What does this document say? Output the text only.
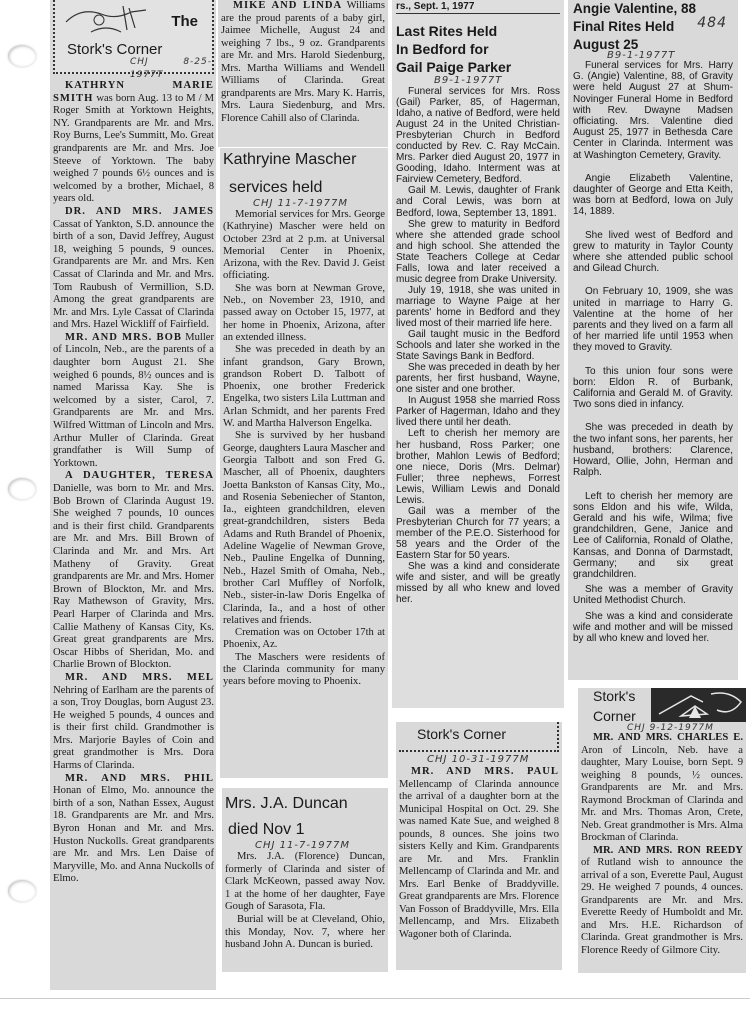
The
Stork's Corner
CHJ 8-25-1977T

KATHRYN MARIE SMITH was born Aug. 13 to M / M Roger Smith at Yorktown Heights, NY. Grandparents are Mr. and Mrs. Roy Burns, Lee's Summitt, Mo. Great grandparents are Mr. and Mrs. Joe Steeve of Yorktown. The baby weighed 7 pounds 6½ ounces and is welcomed by a brother, Michael, 8 years old.

DR. AND MRS. JAMES Cassat of Yankton, S.D. announce the birth of a son, David Jeffrey, August 18, weighing 5 pounds, 9 ounces. Grandparents are Mr. and Mrs. Ken Cassat of Clarinda and Mr. and Mrs. Tom Raubush of Vermillion, S.D. Among the great grandparents are Mr. and Mrs. Lyle Cassat of Clarinda and Mrs. Hazel Wickliff of Fairfield.

MR. AND MRS. BOB Muller of Lincoln, Neb., are the parents of a daughter born August 21. She weighed 6 pounds, 8½ ounces and is named Marissa Kay. She is welcomed by a sister, Carol, 7. Grandparents are Mr. and Mrs. Wilfred Wittman of Lincoln and Mrs. Arthur Muller of Clarinda. Great grandfather is Will Sump of Yorktown.

A DAUGHTER, TERESA Danielle, was born to Mr. and Mrs. Bob Brown of Clarinda August 19. She weighed 7 pounds, 10 ounces and is their first child. Grandparents are Mr. and Mrs. Bill Brown of Clarinda and Mr. and Mrs. Art Matheny of Gravity. Great grandparents are Mr. and Mrs. Homer Brown of Blockton, Mr. and Mrs. Ray Mathewson of Gravity, Mrs. Pearl Harper of Clarinda and Mrs. Callie Matheny of Kansas City, Ks. Great great grandparents are Mrs. Oscar Hibbs of Sheridan, Mo. and Charlie Brown of Blockton.

MR. AND MRS. MEL Nehring of Earlham are the parents of a son, Troy Douglas, born August 23. He weighed 5 pounds, 4 ounces and is their first child. Grandmother is Mrs. Marjorie Bayles of Coin and great grandmother is Mrs. Dora Harms of Clarinda.

MR. AND MRS. PHIL Honan of Elmo, Mo. announce the birth of a son, Nathan Essex, August 18. Grandparents are Mr. and Mrs. Byron Honan and Mr. and Mrs. Huston Nuckolls. Great grandparents are Mr. and Mrs. Len Daise of Maryville, Mo. and Anna Nuckolls of Elmo.

MIKE AND LINDA Williams are the proud parents of a baby girl, Jaimee Michelle, August 24 and weighing 7 lbs., 9 oz. Grandparents are Mr. and Mrs. Harold Siedenburg, Mrs. Martha Williams and Wendell Williams of Clarinda. Great grandparents are Mrs. Mary K. Harris, Mrs. Laura Siedenburg, and Mrs. Florence Cahill also of Clarinda.

Kathryine Mascher
services held
CHJ 11-7-1977M

Memorial services for Mrs. George (Kathryine) Mascher were held on October 23rd at 2 p.m. at Universal Memorial Center in Phoenix, Arizona, with the Rev. David J. Geist officiating.

She was born at Newman Grove, Neb., on November 23, 1910, and passed away on October 15, 1977, at her home in Phoenix, Arizona, after an extended illness.

She was preceded in death by an infant grandson, Gary Brown, grandson Robert D. Talbott of Phoenix, one brother Frederick Engelka, two sisters Lila Luttman and Arlan Schmidt, and her parents Fred W. and Martha Halverson Engelka.

She is survived by her husband George, daughters Laura Mascher and Georgia Talbott and son Fred G. Mascher, all of Phoenix, daughters Joetta Bankston of Kansas City, Mo., and Rosenia Sebeniecher of Stanton, Ia., eighteen grandchildren, eleven great-grandchildren, sisters Beda Adams and Ruth Brandel of Phoenix, Adeline Wagelie of Newman Grove, Neb., Pauline Engelka of Dunning, Neb., Hazel Smith of Omaha, Neb., brother Carl Muffley of Norfolk, Neb., sister-in-law Doris Engelka of Clarinda, Ia., and a host of other relatives and friends.

Cremation was on October 17th at Phoenix, Az.

The Maschers were residents of the Clarinda community for many years before moving to Phoenix.

Mrs. J.A. Duncan
died Nov 1
CHJ 11-7-1977M

Mrs. J.A. (Florence) Duncan, formerly of Clarinda and sister of Clark McKeown, passed away Nov. 1 at the home of her daughter, Faye Gough of Sarasota, Fla.

Burial will be at Cleveland, Ohio, this Monday, Nov. 7, where her husband John A. Duncan is buried.

rs., Sept. 1, 1977
Last Rites Held
In Bedford for
Gail Paige Parker
B9-1-1977T

Funeral services for Mrs. Ross (Gail) Parker, 85, of Hagerman, Idaho, a native of Bedford, were held August 24 in the United Christian-Presbyterian Church in Bedford conducted by Rev. C. Ray McCain. Mrs. Parker died August 20, 1977 in Gooding, Idaho. Interment was at Fairview Cemetery, Bedford.

Gail M. Lewis, daughter of Frank and Coral Lewis, was born at Bedford, Iowa, September 13, 1891.

She grew to maturity in Bedford where she attended grade school and high school. She attended the State Teachers College at Cedar Falls, Iowa and later received a music degree from Drake University.

July 19, 1918, she was united in marriage to Wayne Paige at her parents' home in Bedford and they lived most of their married life here.

Gail taught music in the Bedford Schools and later she worked in the State Savings Bank in Bedford.

She was preceded in death by her parents, her first husband, Wayne, one sister and one brother.

In August 1958 she married Ross Parker of Hagerman, Idaho and they lived there until her death.

Left to cherish her memory are her husband, Ross Parker; one brother, Mahlon Lewis of Bedford; one niece, Doris (Mrs. Delmar) Fuller; three nephews, Forrest Lewis, William Lewis and Donald Lewis.

Gail was a member of the Presbyterian Church for 77 years; a member of the P.E.O. Sisterhood for 58 years and the Order of the Eastern Star for 50 years.

She was a kind and considerate wife and sister, and will be greatly missed by all who knew and loved her.

Stork's Corner
CHJ 10-31-1977M

MR. AND MRS. PAUL Mellencamp of Clarinda announce the arrival of a daughter born at the Municipal Hospital on Oct. 29. She was named Kate Sue, and weighed 8 pounds, 8 ounces. She joins two sisters Kelly and Kim. Grandparents are Mr. and Mrs. Franklin Mellencamp of Clarinda and Mr. and Mrs. Earl Benke of Braddyville. Great grandparents are Mrs. Florence Van Fosson of Braddyville, Mrs. Ella Mellencamp, and Mrs. Elizabeth Wagoner both of Clarinda.

Angie Valentine, 88
Final Rites Held	484
August 25
B9-1-1977T

Funeral services for Mrs. Harry G. (Angie) Valentine, 88, of Gravity were held August 27 at Shum-Novinger Funeral Home in Bedford with Rev. Dwayne Madsen officiating. Mrs. Valentine died August 25, 1977 in Bethesda Care Center in Clarinda. Interment was at Washington Cemetery, Gravity.

Angie Elizabeth Valentine, daughter of George and Etta Keith, was born at Bedford, Iowa on July 14, 1889.

She lived west of Bedford and grew to maturity in Taylor County where she attended public school and Gilead Church.

On February 10, 1909, she was united in marriage to Harry G. Valentine at the home of her parents and they lived on a farm all of her married life until 1953 when they moved to Gravity.

To this union four sons were born: Eldon R. of Burbank, California and Gerald M. of Gravity. Two sons died in infancy.

She was preceded in death by the two infant sons, her parents, her husband, brothers: Clarence, Howard, Ollie, John, Herman and Ralph.

Left to cherish her memory are sons Eldon and his wife, Wilda, Gerald and his wife, Wilma; five grandchildren, Gene, Janice and Lee of California, Ronald of Olathe, Kansas, and Donna of Darmstadt, Germany; and six great grandchildren.

She was a member of Gravity United Methodist Church.

She was a kind and considerate wife and mother and will be missed by all who knew and loved her.

Stork's
Corner
CHJ 9-12-1977M

MR. AND MRS. CHARLES E. Aron of Lincoln, Neb. have a daughter, Mary Louise, born Sept. 9 weighing 8 pounds, ½ ounces. Grandparents are Mr. and Mrs. Raymond Brockman of Clarinda and Mr. and Mrs. Thomas Aron, Crete, Neb. Great grandmother is Mrs. Alma Brockman of Clarinda.

MR. AND MRS. RON REEDY of Rutland wish to announce the arrival of a son, Everette Paul, August 29. He weighed 7 pounds, 4 ounces. Grandparents are Mr. and Mrs. Everette Reedy of Humboldt and Mr. and Mrs. H.E. Richardson of Clarinda. Great grandmother is Mrs. Florence Reedy of Gilmore City.
